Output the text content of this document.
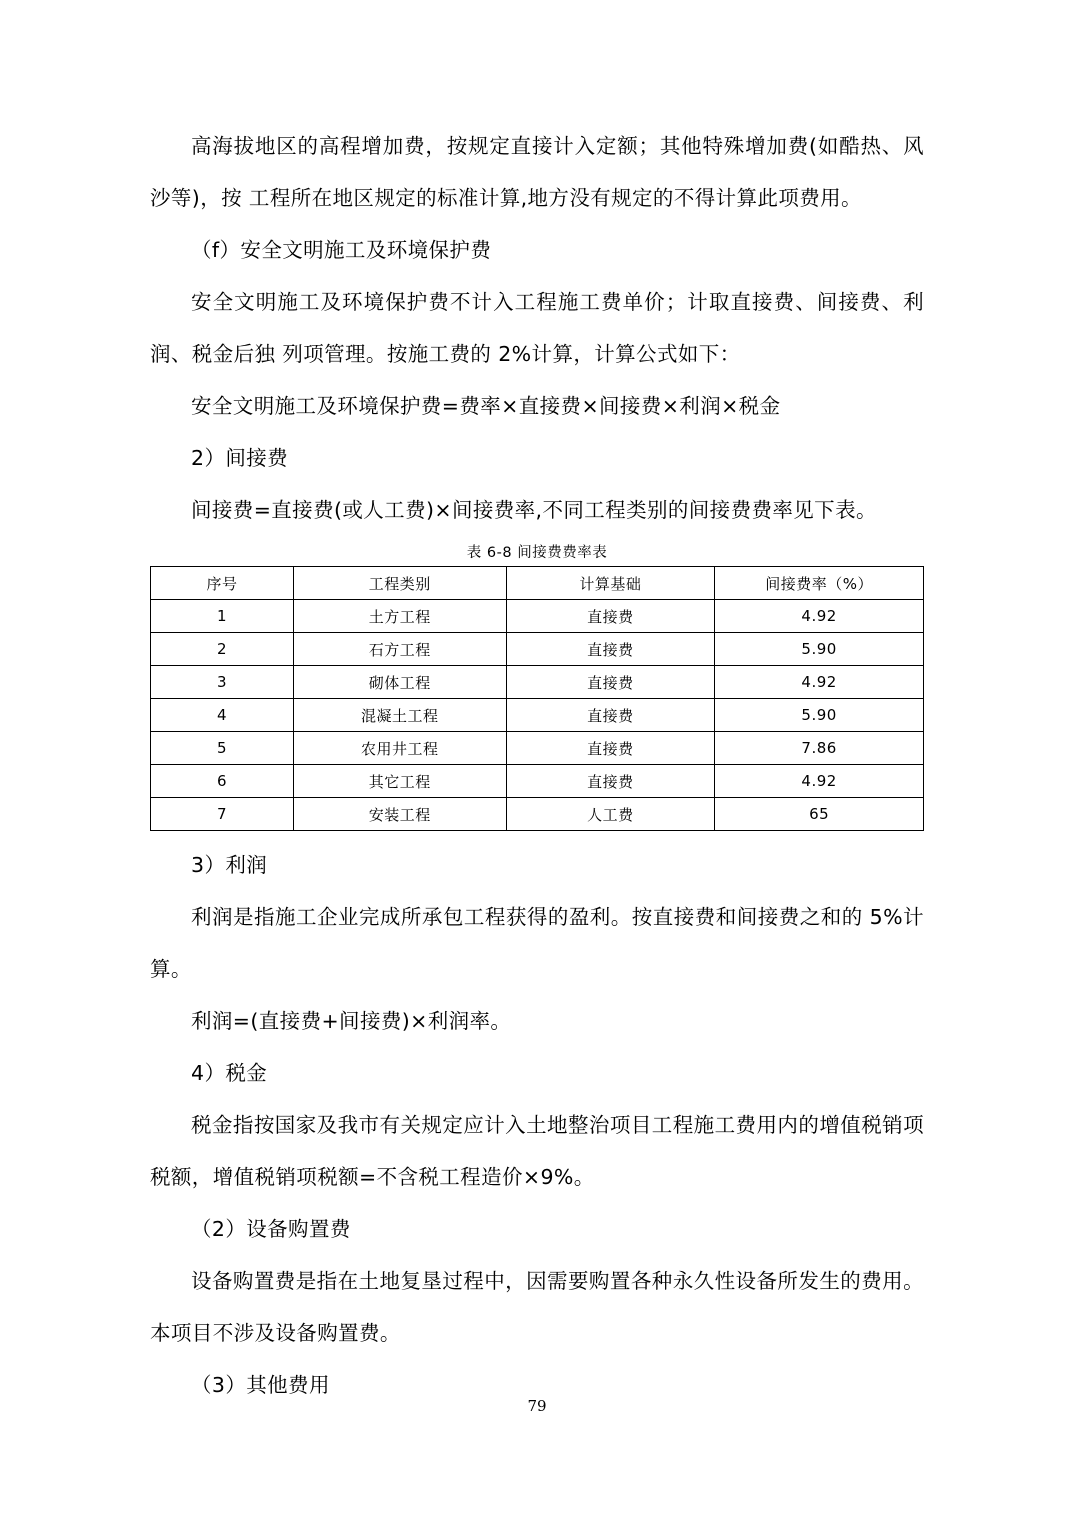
高海拔地区的高程增加费，按规定直接计入定额；其他特殊增加费(如酷热、风沙等)，按 工程所在地区规定的标准计算,地方没有规定的不得计算此项费用。

（f）安全文明施工及环境保护费

安全文明施工及环境保护费不计入工程施工费单价；计取直接费、间接费、利润、税金后独 列项管理。按施工费的 2%计算，计算公式如下：

安全文明施工及环境保护费=费率×直接费×间接费×利润×税金

2）间接费

间接费=直接费(或人工费)×间接费率,不同工程类别的间接费费率见下表。

表 6-8 间接费费率表
序号	工程类别	计算基础	间接费率（%）
1	土方工程	直接费	4.92
2	石方工程	直接费	5.90
3	砌体工程	直接费	4.92
4	混凝土工程	直接费	5.90
5	农用井工程	直接费	7.86
6	其它工程	直接费	4.92
7	安装工程	人工费	65

3）利润

利润是指施工企业完成所承包工程获得的盈利。按直接费和间接费之和的 5%计算。

利润=(直接费+间接费)×利润率。

4）税金

税金指按国家及我市有关规定应计入土地整治项目工程施工费用内的增值税销项税额，增值税销项税额=不含税工程造价×9%。

（2）设备购置费

设备购置费是指在土地复垦过程中，因需要购置各种永久性设备所发生的费用。本项目不涉及设备购置费。

（3）其他费用

79
